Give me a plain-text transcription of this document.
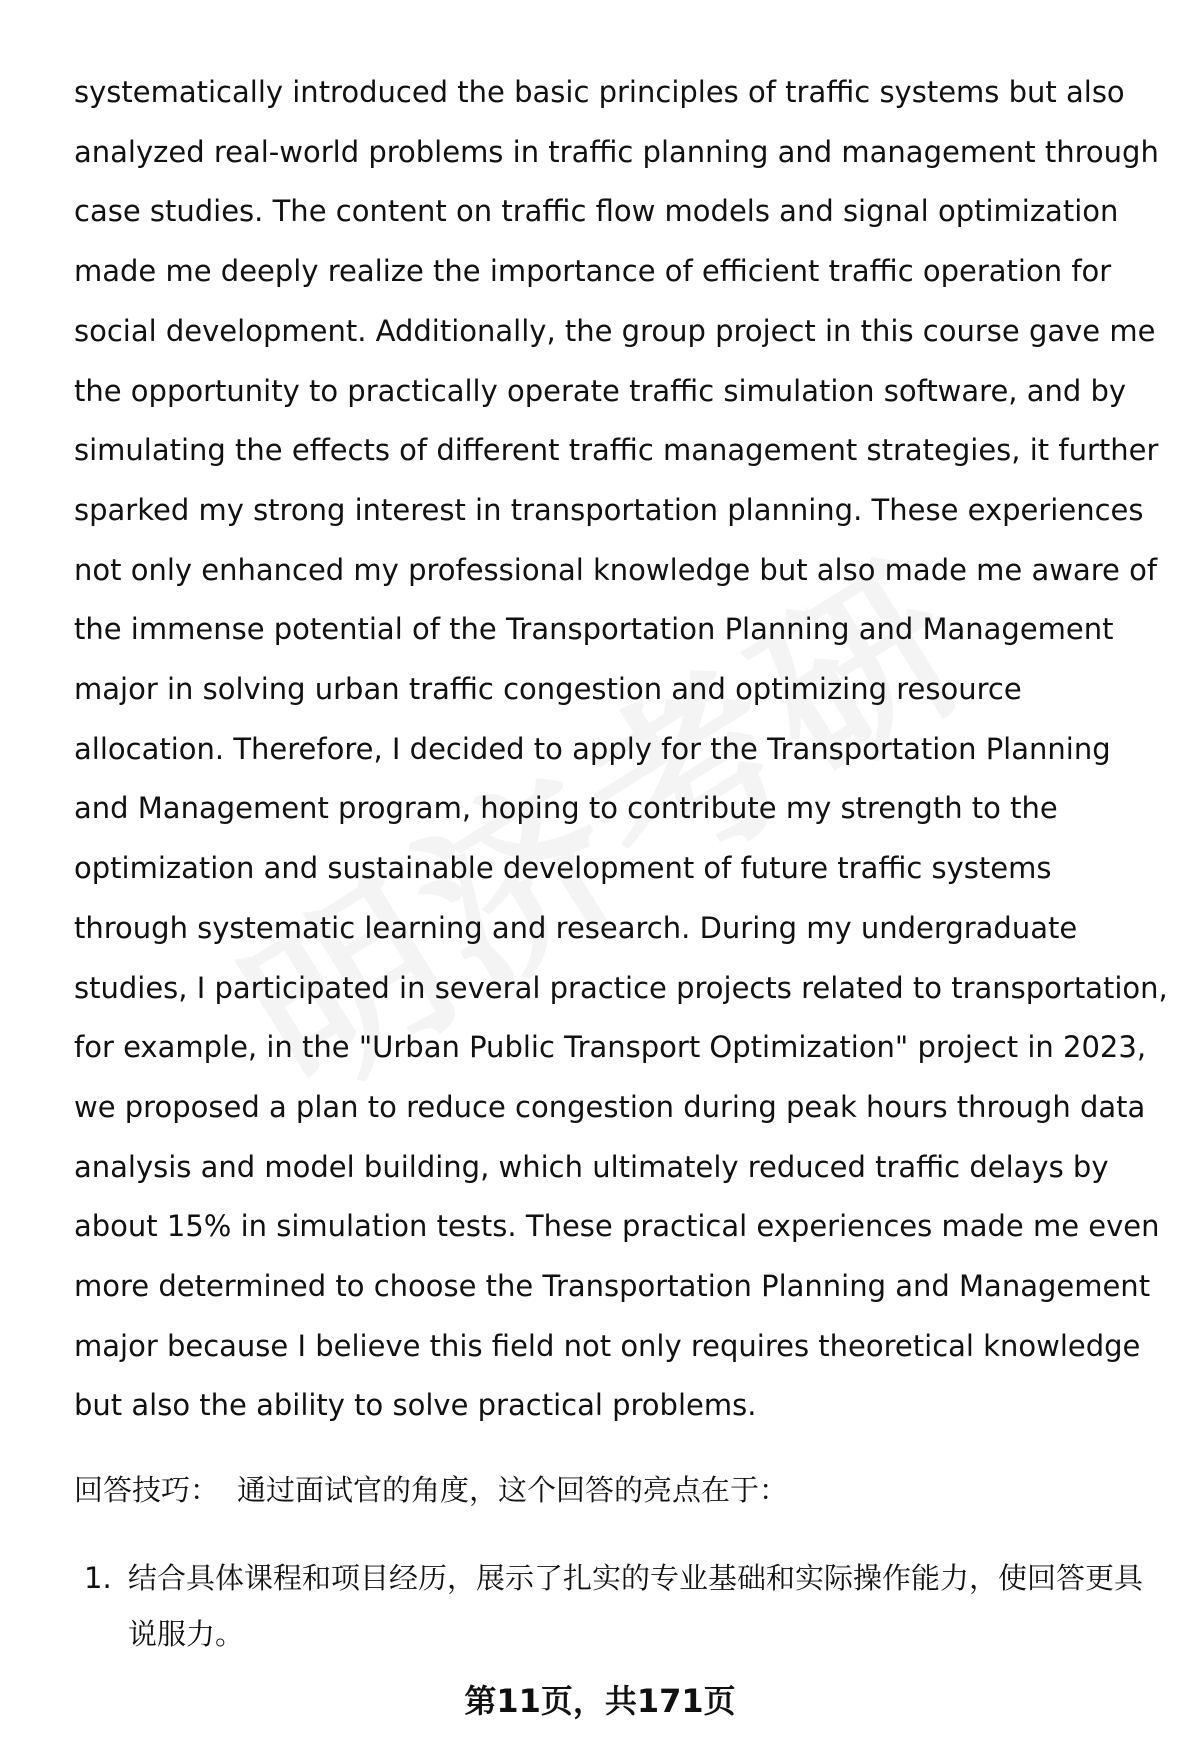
systematically introduced the basic principles of traffic systems but also analyzed real-world problems in traffic planning and management through case studies. The content on traffic flow models and signal optimization made me deeply realize the importance of efficient traffic operation for social development. Additionally, the group project in this course gave me the opportunity to practically operate traffic simulation software, and by simulating the effects of different traffic management strategies, it further sparked my strong interest in transportation planning. These experiences not only enhanced my professional knowledge but also made me aware of the immense potential of the Transportation Planning and Management major in solving urban traffic congestion and optimizing resource allocation. Therefore, I decided to apply for the Transportation Planning and Management program, hoping to contribute my strength to the optimization and sustainable development of future traffic systems through systematic learning and research. During my undergraduate studies, I participated in several practice projects related to transportation, for example, in the "Urban Public Transport Optimization" project in 2023, we proposed a plan to reduce congestion during peak hours through data analysis and model building, which ultimately reduced traffic delays by about 15% in simulation tests. These practical experiences made me even more determined to choose the Transportation Planning and Management major because I believe this field not only requires theoretical knowledge but also the ability to solve practical problems.

回答技巧： 通过面试官的角度，这个回答的亮点在于：

1. 结合具体课程和项目经历，展示了扎实的专业基础和实际操作能力，使回答更具说服力。

第11页，共171页
